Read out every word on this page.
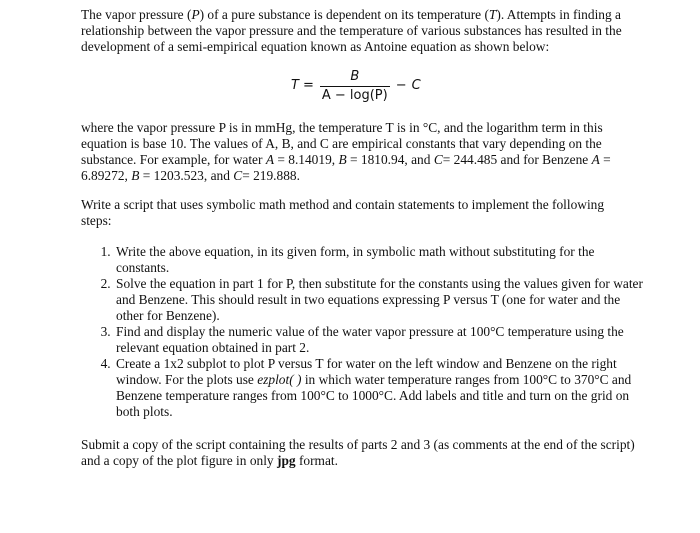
The vapor pressure (P) of a pure substance is dependent on its temperature (T). Attempts in finding a relationship between the vapor pressure and the temperature of various substances has resulted in the development of a semi-empirical equation known as Antoine equation as shown below:

$T = \frac{B}{A - \log(P)} - C$

where the vapor pressure P is in mmHg, the temperature T is in °C, and the logarithm term in this equation is base 10. The values of A, B, and C are empirical constants that vary depending on the substance. For example, for water A = 8.14019, B = 1810.94, and C= 244.485 and for Benzene A = 6.89272, B = 1203.523, and C= 219.888.

Write a script that uses symbolic math method and contain statements to implement the following steps:

1. Write the above equation, in its given form, in symbolic math without substituting for the constants.
2. Solve the equation in part 1 for P, then substitute for the constants using the values given for water and Benzene. This should result in two equations expressing P versus T (one for water and the other for Benzene).
3. Find and display the numeric value of the water vapor pressure at 100°C temperature using the relevant equation obtained in part 2.
4. Create a 1x2 subplot to plot P versus T for water on the left window and Benzene on the right window. For the plots use ezplot( ) in which water temperature ranges from 100°C to 370°C and Benzene temperature ranges from 100°C to 1000°C. Add labels and title and turn on the grid on both plots.

Submit a copy of the script containing the results of parts 2 and 3 (as comments at the end of the script) and a copy of the plot figure in only jpg format.
